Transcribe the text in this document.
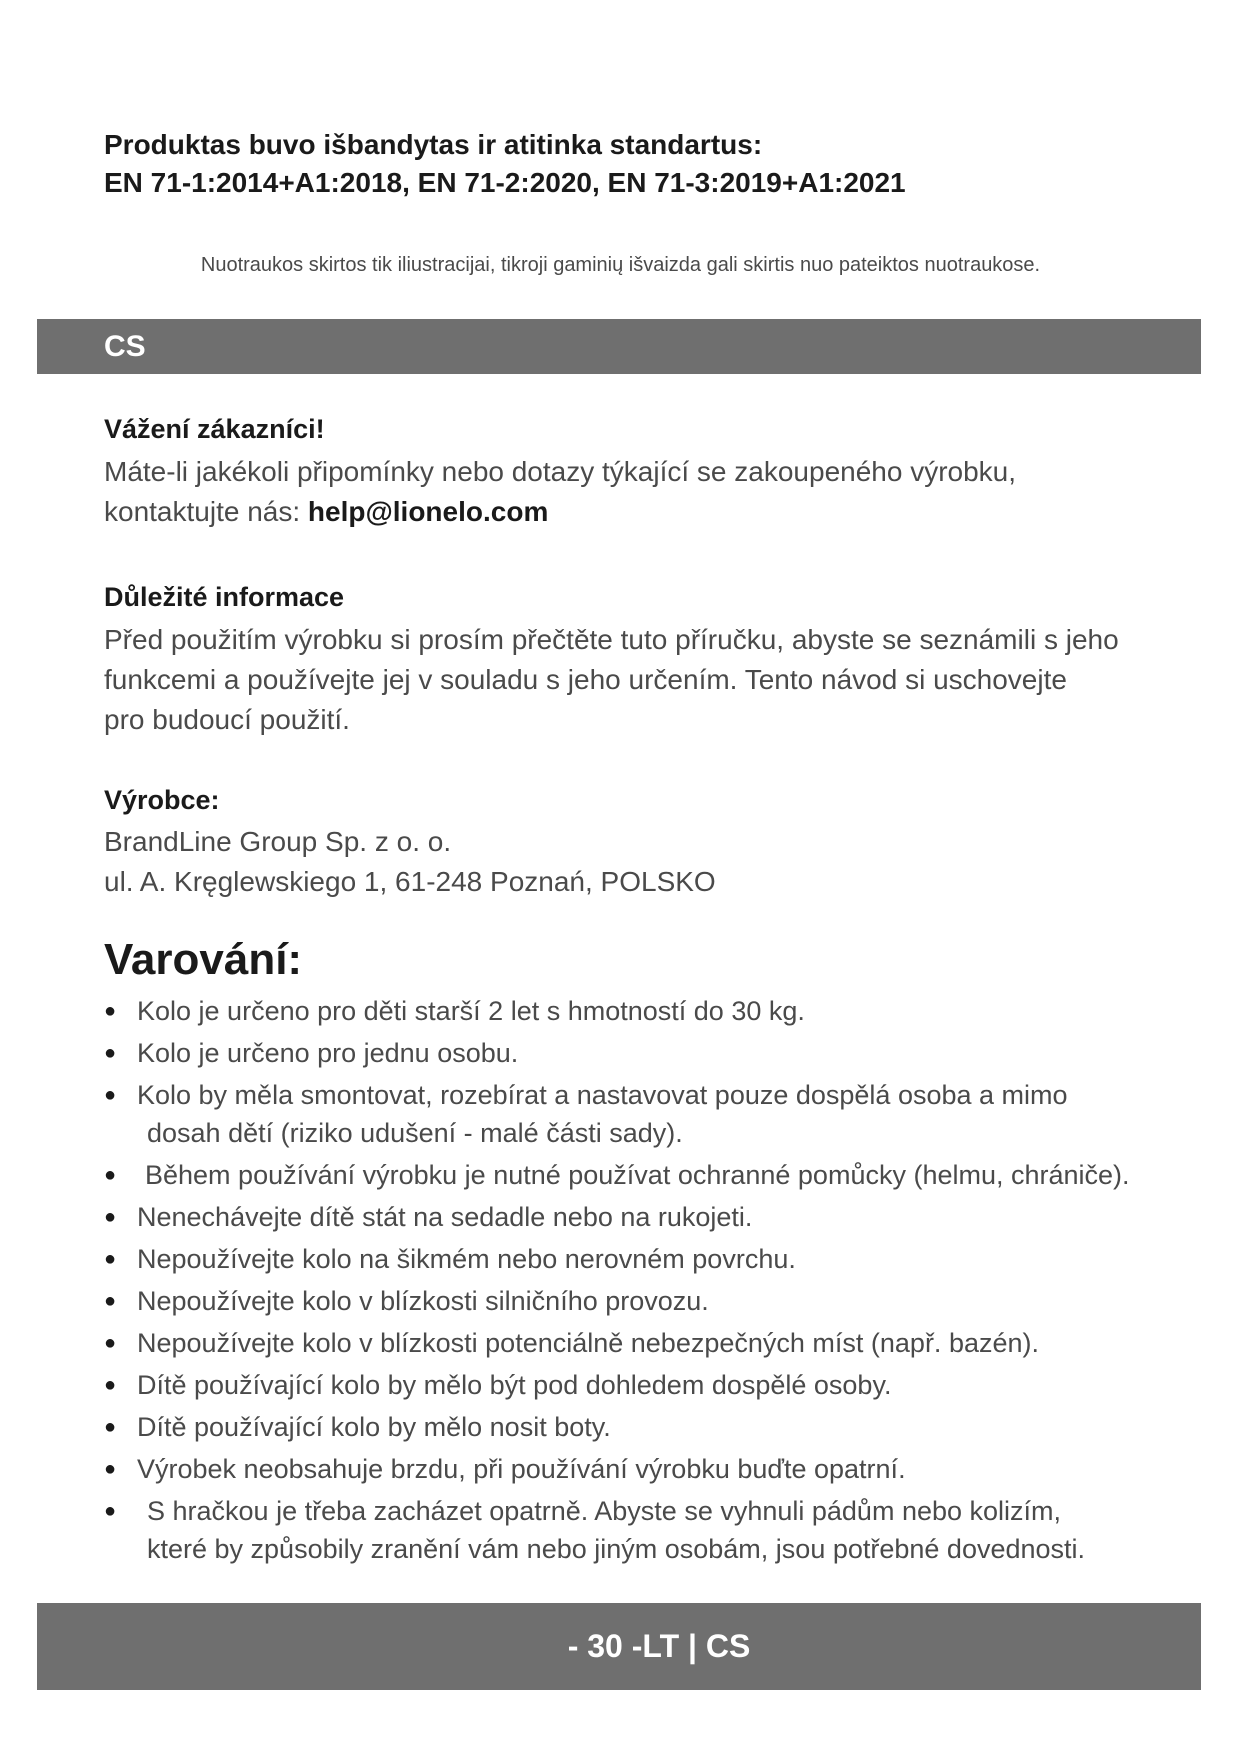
Produktas buvo išbandytas ir atitinka standartus:
EN 71-1:2014+A1:2018, EN 71-2:2020, EN 71-3:2019+A1:2021
Nuotraukos skirtos tik iliustracijai, tikroji gaminių išvaizda gali skirtis nuo pateiktos nuotraukose.
CS
Vážení zákazníci!
Máte-li jakékoli připomínky nebo dotazy týkající se zakoupeného výrobku,
kontaktujte nás: help@lionelo.com
Důležité informace
Před použitím výrobku si prosím přečtěte tuto příručku, abyste se seznámili s jeho
funkcemi a používejte jej v souladu s jeho určením. Tento návod si uschovejte
pro budoucí použití.
Výrobce:
BrandLine Group Sp. z o. o.
ul. A. Kręglewskiego 1, 61-248 Poznań, POLSKO
Varování:
● Kolo je určeno pro děti starší 2 let s hmotností do 30 kg.
● Kolo je určeno pro jednu osobu.
● Kolo by měla smontovat, rozebírat a nastavovat pouze dospělá osoba a mimo
dosah dětí (riziko udušení - malé části sady).
● Během používání výrobku je nutné používat ochranné pomůcky (helmu, chrániče).
● Nenechávejte dítě stát na sedadle nebo na rukojeti.
● Nepoužívejte kolo na šikmém nebo nerovném povrchu.
● Nepoužívejte kolo v blízkosti silničního provozu.
● Nepoužívejte kolo v blízkosti potenciálně nebezpečných míst (např. bazén).
● Dítě používající kolo by mělo být pod dohledem dospělé osoby.
● Dítě používající kolo by mělo nosit boty.
● Výrobek neobsahuje brzdu, při používání výrobku buďte opatrní.
● S hračkou je třeba zacházet opatrně. Abyste se vyhnuli pádům nebo kolizím,
které by způsobily zranění vám nebo jiným osobám, jsou potřebné dovednosti.
- 30 -LT | CS
